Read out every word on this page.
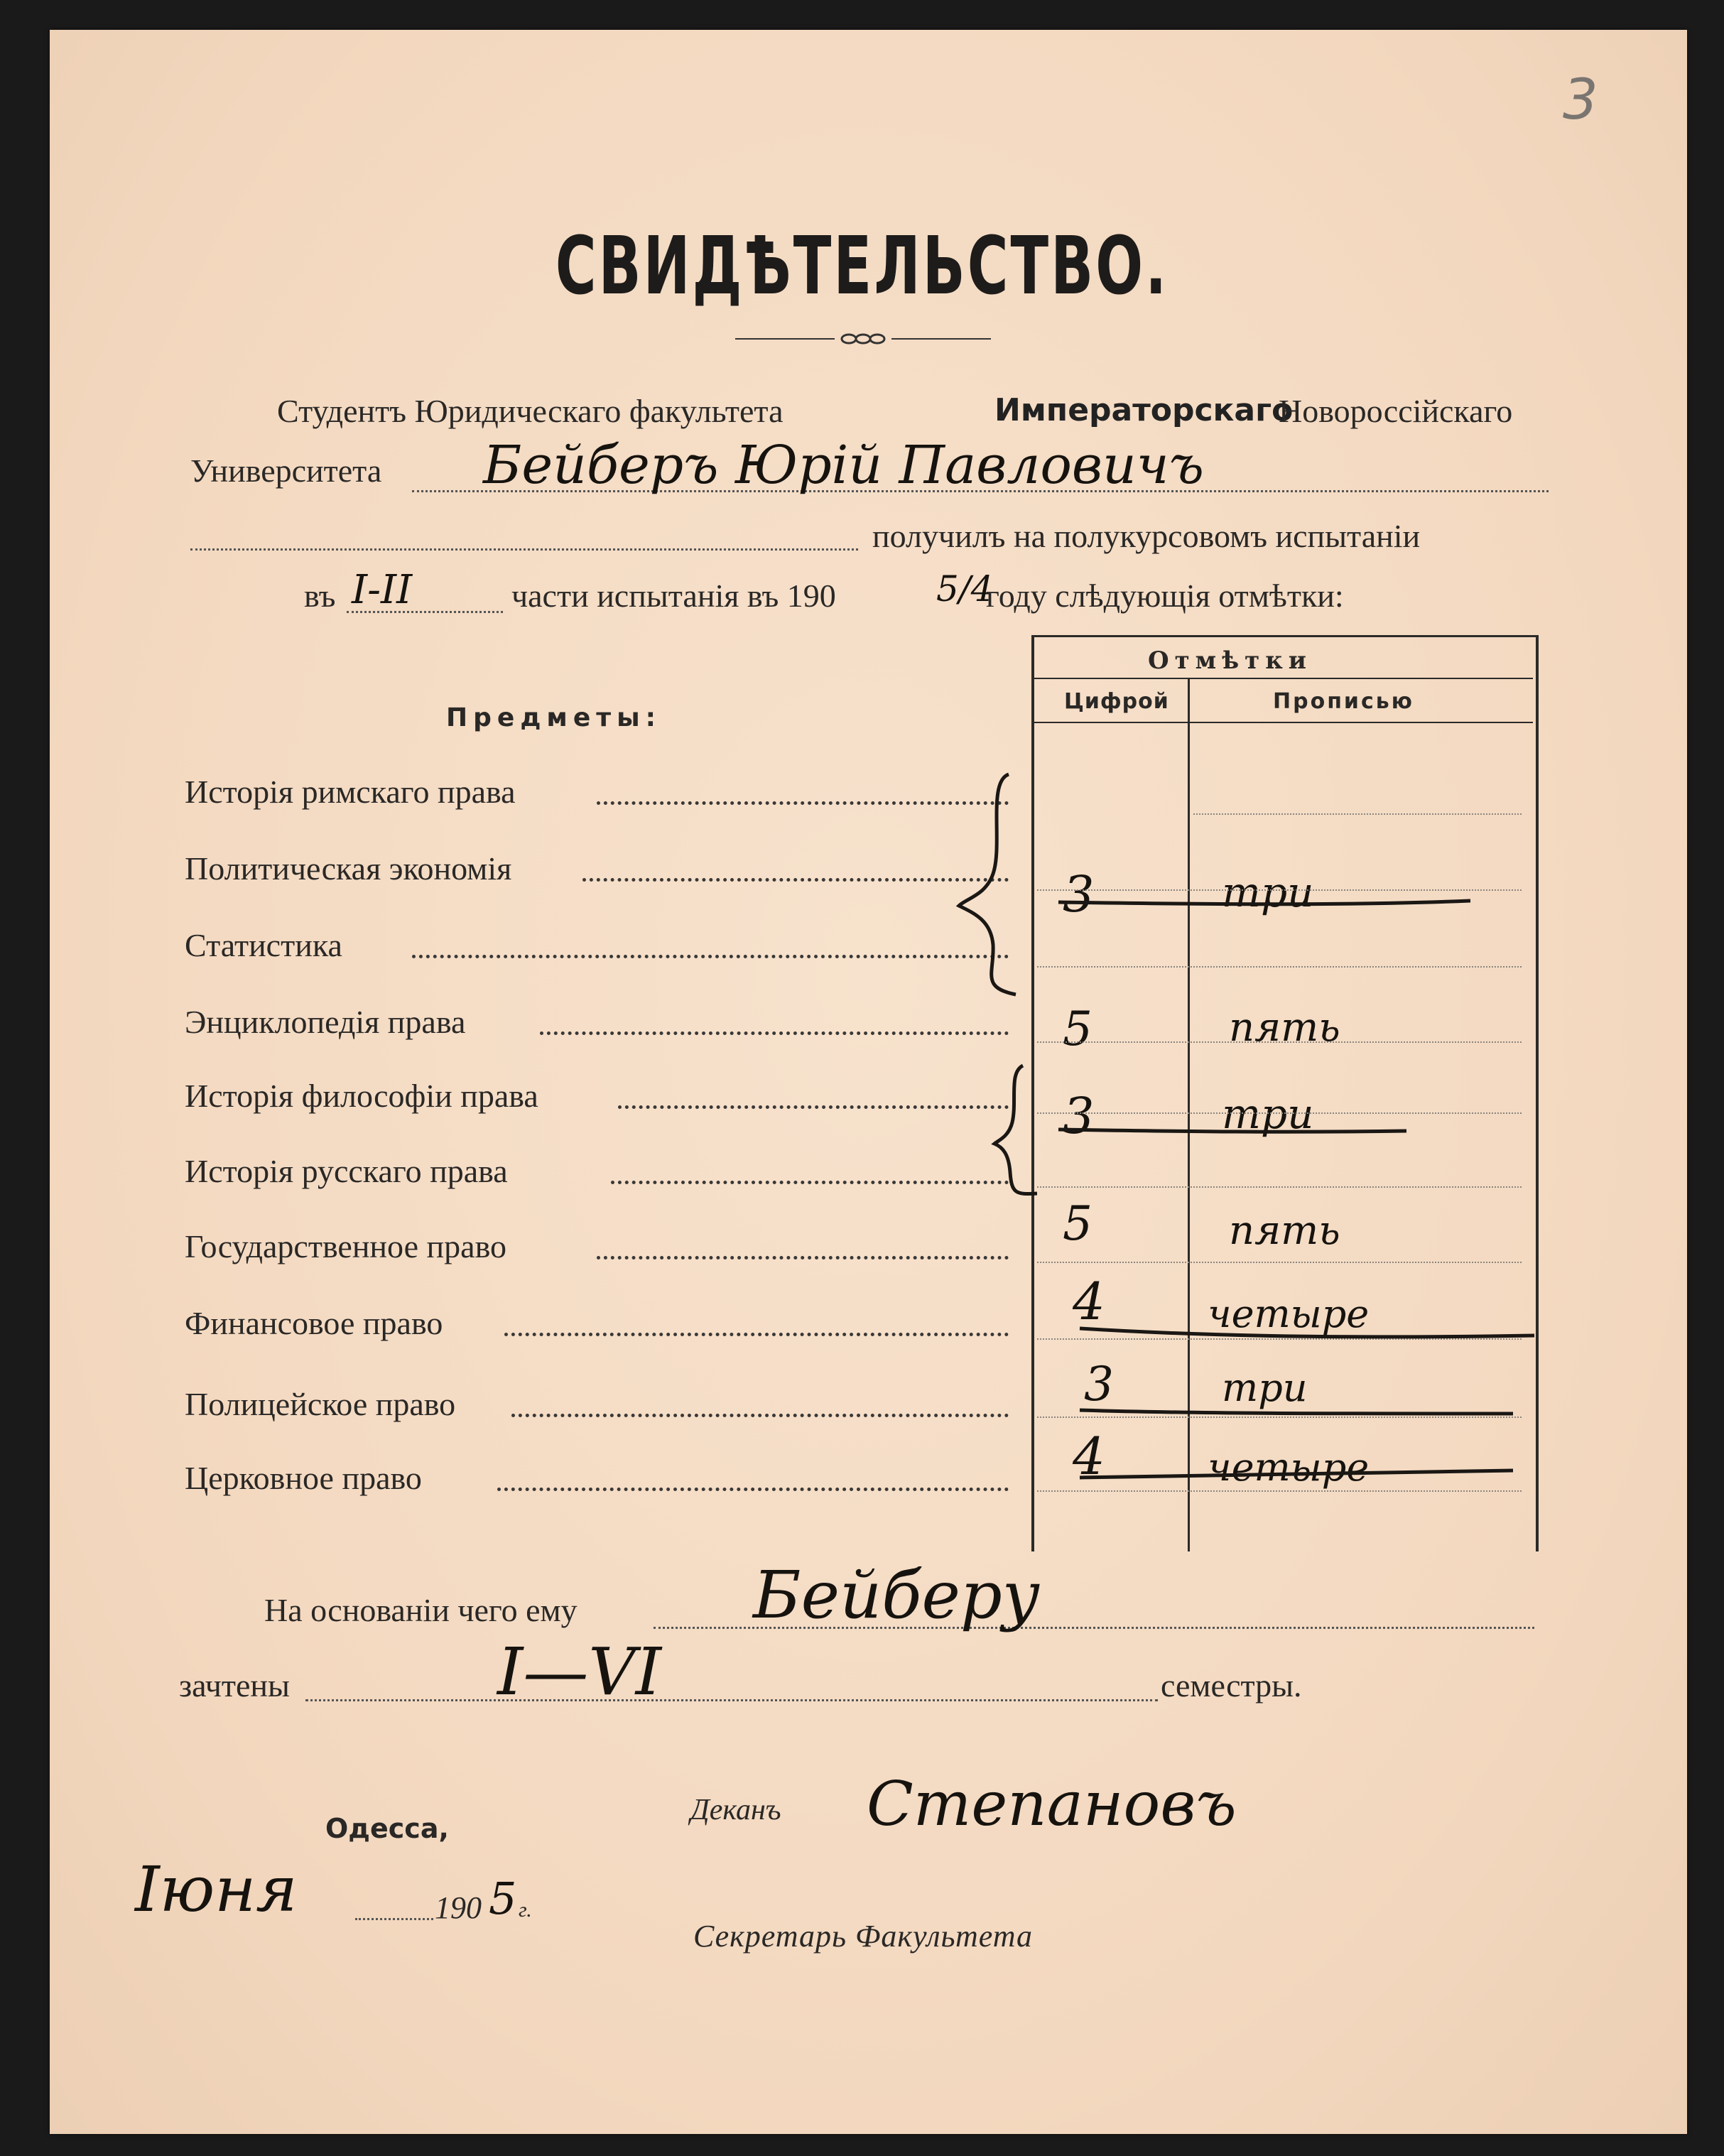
3
СВИДѢТЕЛЬСТВО.
Студентъ Юридическаго факультета	Императорскаго
Новороссійскаго
Университета Бейберъ Юрій Павловичъ
получилъ на полукурсовомъ испытаніи
въ I-II	части испытанія въ 190	5/4
году слѣдующія отмѣтки:
Предметы:
Отмѣтки
Цифрой	Прописью
Исторія римскаго права
Политическая экономія	3	три
Статистика
Энциклопедія права	5	пять
Исторія философіи права	3	три
Исторія русскаго права
Государственное право	5	пять
Финансовое право	4	четыре
Полицейское право	3	три
Церковное право	4	четыре
На основаніи чего ему	Бейберу
зачтены	I—VI	семестры.
Одесса,
Іюня	190 5 г.
Деканъ Степановъ
Секретарь Факультета
